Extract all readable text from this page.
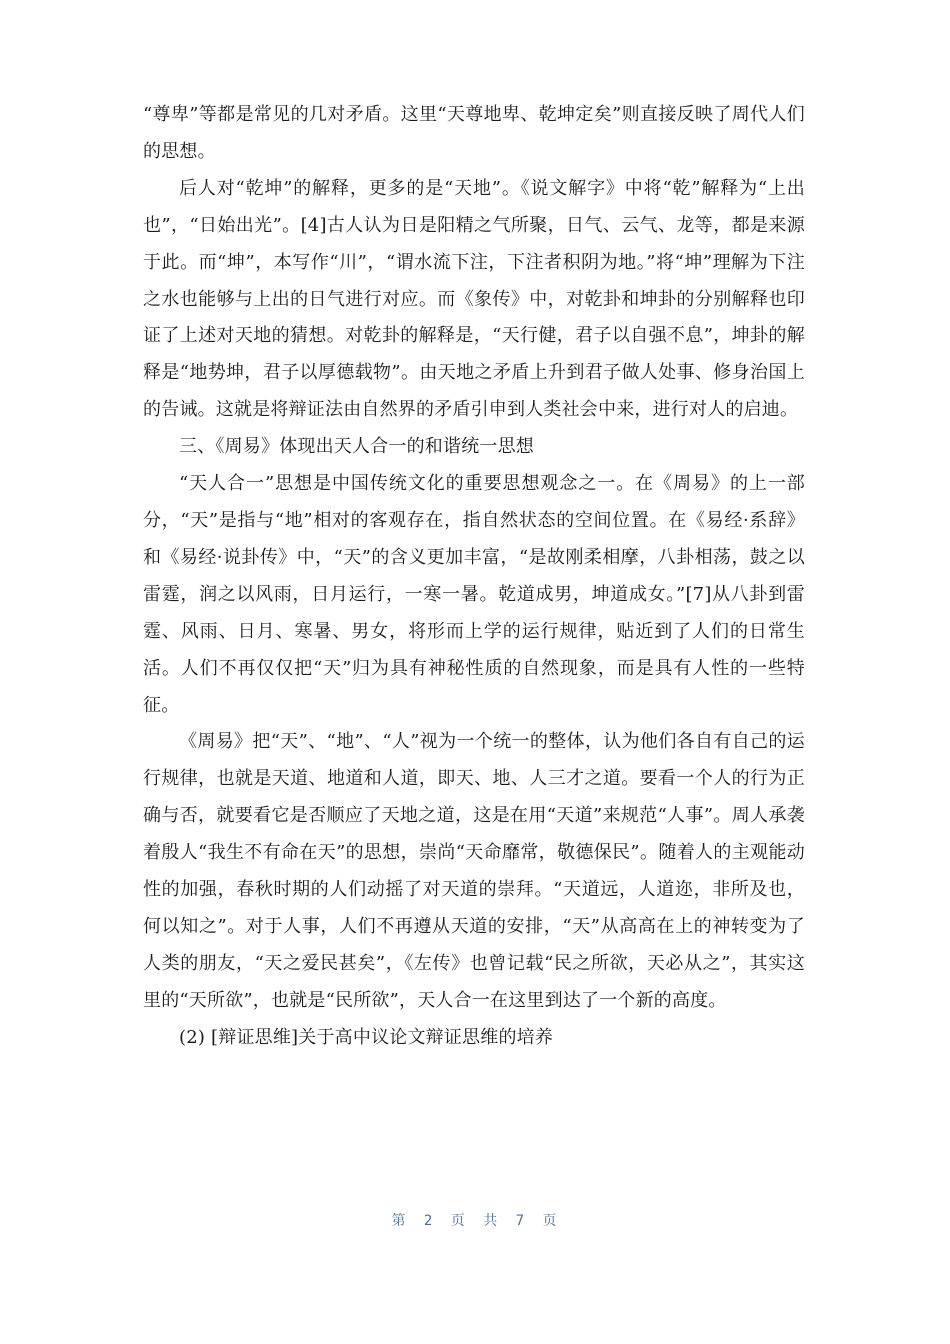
“尊卑”等都是常见的几对矛盾。这里“天尊地卑、乾坤定矣”则直接反映了周代人们的思想。

后人对“乾坤”的解释，更多的是“天地”。《说文解字》中将“乾”解释为“上出也”，“日始出光”。[4]古人认为日是阳精之气所聚，日气、云气、龙等，都是来源于此。而“坤”，本写作“川”，“谓水流下注，下注者积阴为地。”将“坤”理解为下注之水也能够与上出的日气进行对应。而《象传》中，对乾卦和坤卦的分别解释也印证了上述对天地的猜想。对乾卦的解释是，“天行健，君子以自强不息”，坤卦的解释是“地势坤，君子以厚德载物”。由天地之矛盾上升到君子做人处事、修身治国上的告诫。这就是将辩证法由自然界的矛盾引申到人类社会中来，进行对人的启迪。

三、《周易》体现出天人合一的和谐统一思想

“天人合一”思想是中国传统文化的重要思想观念之一。在《周易》的上一部分，“天”是指与“地”相对的客观存在，指自然状态的空间位置。在《易经·系辞》和《易经·说卦传》中，“天”的含义更加丰富，“是故刚柔相摩，八卦相荡，鼓之以雷霆，润之以风雨，日月运行，一寒一暑。乾道成男，坤道成女。”[7]从八卦到雷霆、风雨、日月、寒暑、男女，将形而上学的运行规律，贴近到了人们的日常生活。人们不再仅仅把“天”归为具有神秘性质的自然现象，而是具有人性的一些特征。

《周易》把“天”、“地”、“人”视为一个统一的整体，认为他们各自有自己的运行规律，也就是天道、地道和人道，即天、地、人三才之道。要看一个人的行为正确与否，就要看它是否顺应了天地之道，这是在用“天道”来规范“人事”。周人承袭着殷人“我生不有命在天”的思想，崇尚“天命靡常，敬德保民”。随着人的主观能动性的加强，春秋时期的人们动摇了对天道的崇拜。“天道远，人道迩，非所及也，何以知之”。对于人事，人们不再遵从天道的安排，“天”从高高在上的神转变为了人类的朋友，“天之爱民甚矣”，《左传》也曾记载“民之所欲，天必从之”，其实这里的“天所欲”，也就是“民所欲”，天人合一在这里到达了一个新的高度。

(2) [辩证思维]关于高中议论文辩证思维的培养

第 2 页 共 7 页
